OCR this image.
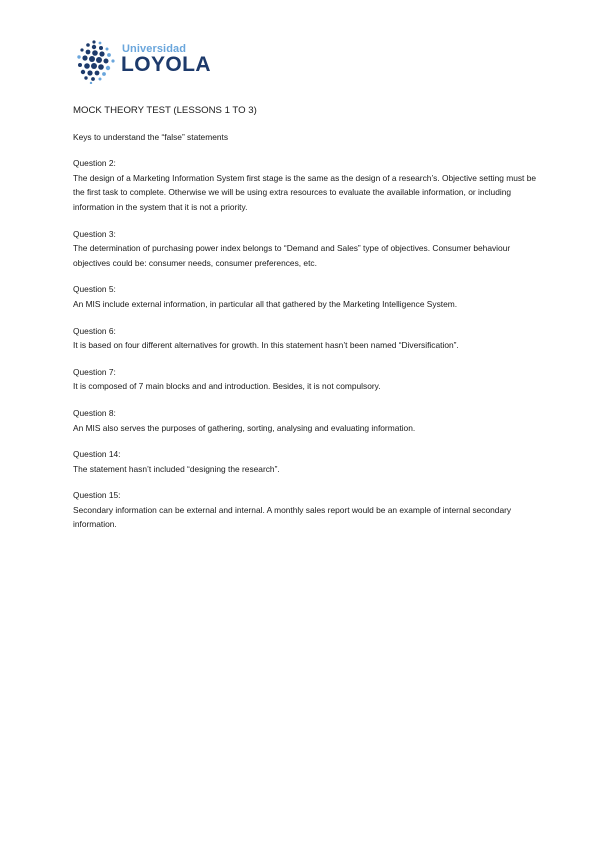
Universidad
LOYOLA
MOCK THEORY TEST (LESSONS 1 TO 3)
Keys to understand the “false” statements
Question 2:
The design of a Marketing Information System first stage is the same as the design of a research’s. Objective setting must be the first task to complete. Otherwise we will be using extra resources to evaluate the available information, or including information in the system that it is not a priority.
Question 3:
The determination of purchasing power index belongs to “Demand and Sales” type of objectives. Consumer behaviour objectives could be: consumer needs, consumer preferences, etc.
Question 5:
An MIS include external information, in particular all that gathered by the Marketing Intelligence System.
Question 6:
It is based on four different alternatives for growth. In this statement hasn’t been named “Diversification”.
Question 7:
It is composed of 7 main blocks and and introduction. Besides, it is not compulsory.
Question 8:
An MIS also serves the purposes of gathering, sorting, analysing and evaluating information.
Question 14:
The statement hasn’t included “designing the research”.
Question 15:
Secondary information can be external and internal. A monthly sales report would be an example of internal secondary information.
